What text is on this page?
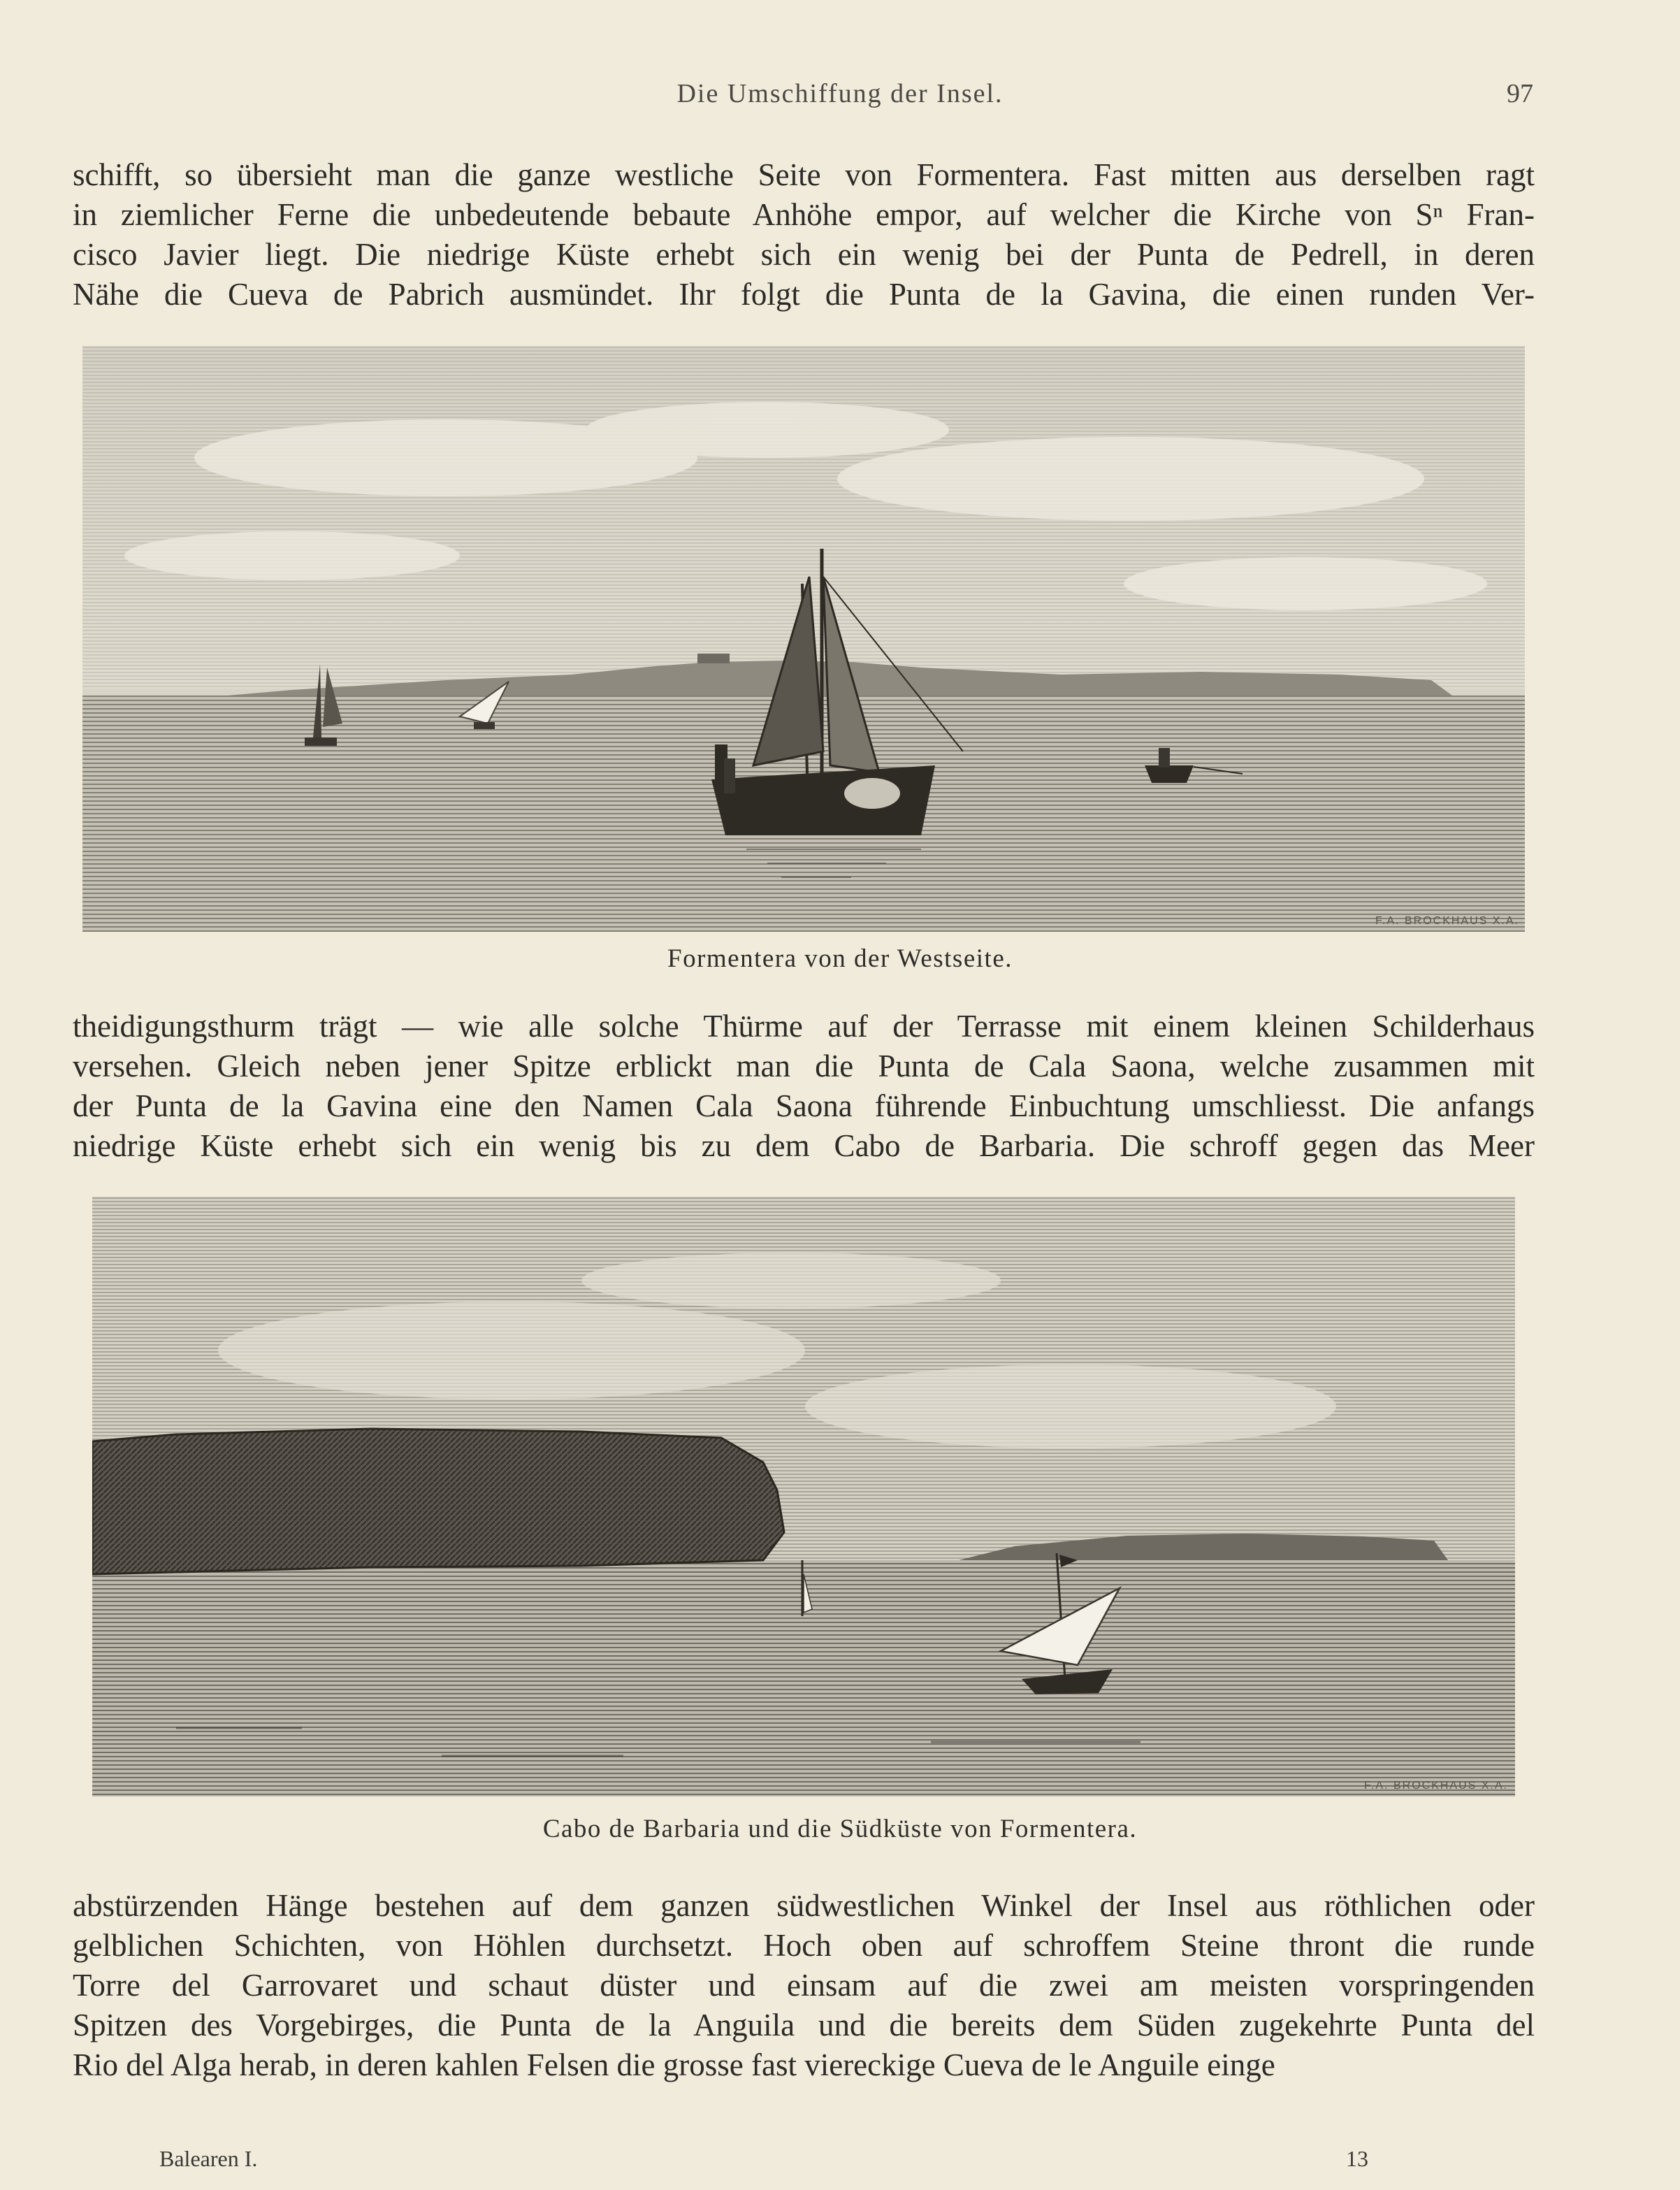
Die Umschiffung der Insel.	97
schifft, so übersieht man die ganze westliche Seite von Formentera. Fast mitten aus derselben ragt
in ziemlicher Ferne die unbedeutende bebaute Anhöhe empor, auf welcher die Kirche von Sⁿ Fran-
cisco Javier liegt. Die niedrige Küste erhebt sich ein wenig bei der Punta de Pedrell, in deren
Nähe die Cueva de Pabrich ausmündet. Ihr folgt die Punta de la Gavina, die einen runden Ver-
F.A. BROCKHAUS X.A.
Formentera von der Westseite.
theidigungsthurm trägt — wie alle solche Thürme auf der Terrasse mit einem kleinen Schilderhaus
versehen. Gleich neben jener Spitze erblickt man die Punta de Cala Saona, welche zusammen mit
der Punta de la Gavina eine den Namen Cala Saona führende Einbuchtung umschliesst. Die anfangs
niedrige Küste erhebt sich ein wenig bis zu dem Cabo de Barbaria. Die schroff gegen das Meer
F.A. BROCKHAUS X.A.
Cabo de Barbaria und die Südküste von Formentera.
abstürzenden Hänge bestehen auf dem ganzen südwestlichen Winkel der Insel aus röthlichen oder
gelblichen Schichten, von Höhlen durchsetzt. Hoch oben auf schroffem Steine thront die runde
Torre del Garrovaret und schaut düster und einsam auf die zwei am meisten vorspringenden
Spitzen des Vorgebirges, die Punta de la Anguila und die bereits dem Süden zugekehrte Punta del
Rio del Alga herab, in deren kahlen Felsen die grosse fast viereckige Cueva de le Anguile einge
Balearen I.	13
